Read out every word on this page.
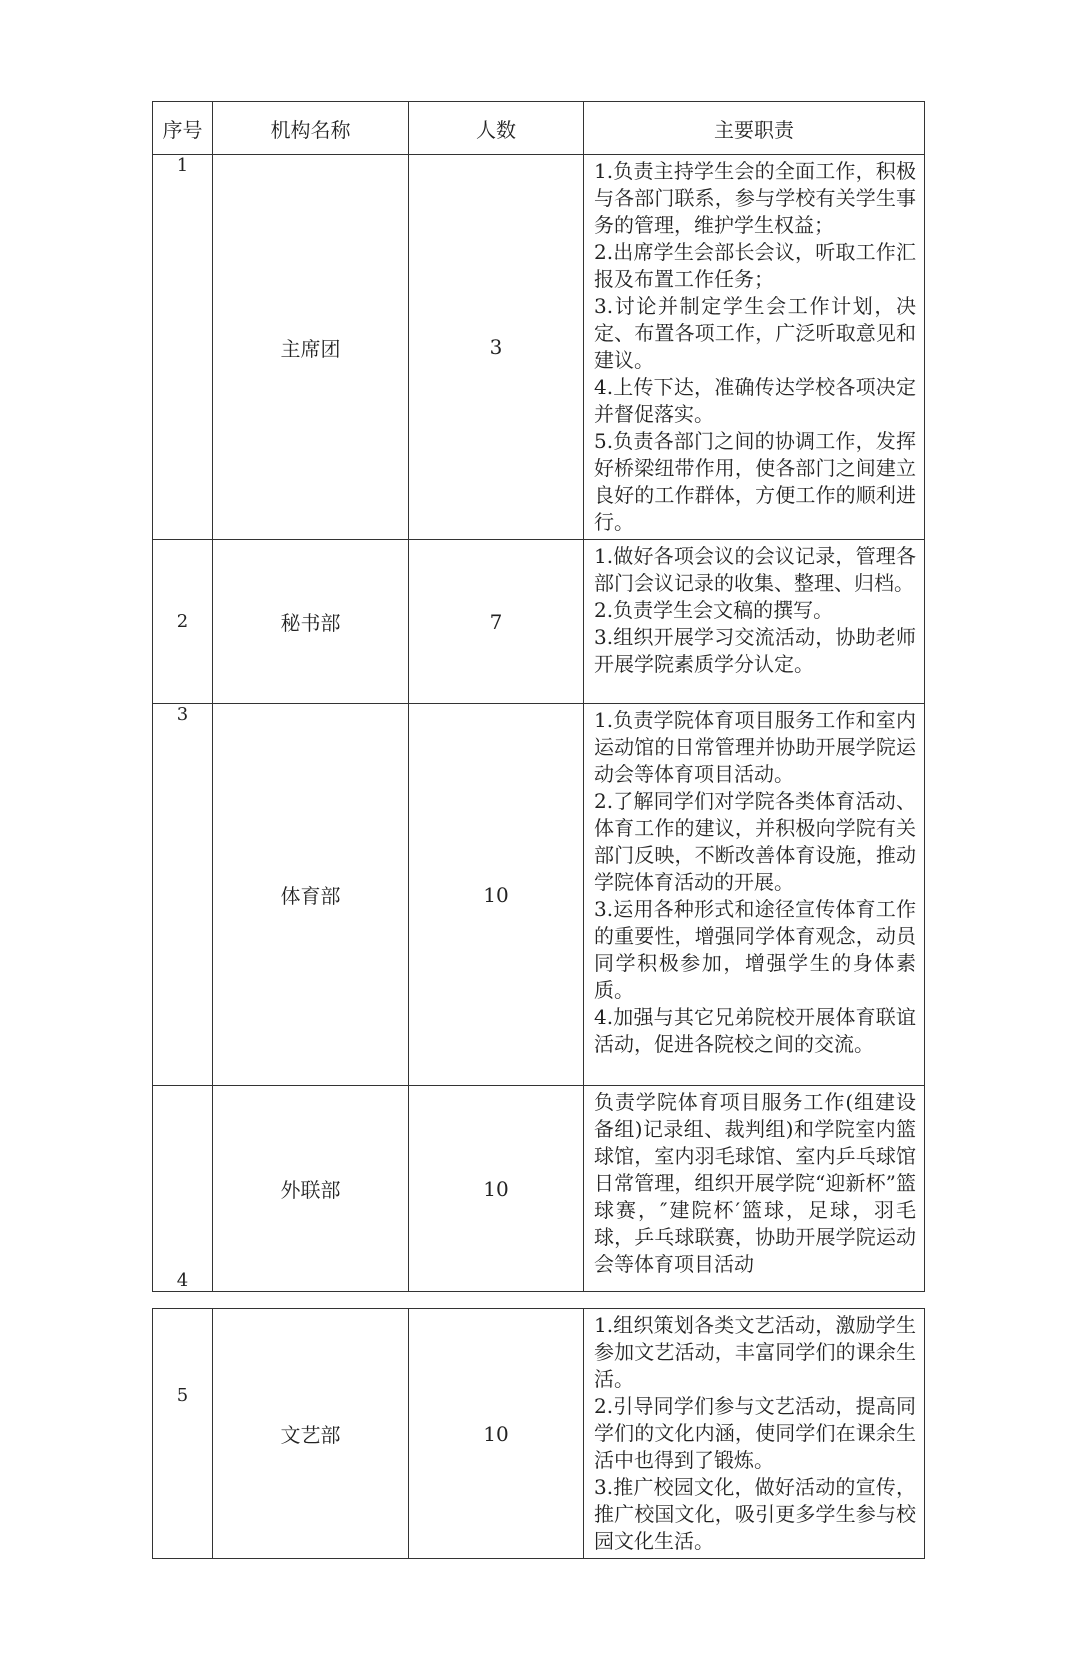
序号	机构名称	人数	主要职责
1	主席团	3	1.负责主持学生会的全面工作，积极与各部门联系，参与学校有关学生事务的管理，维护学生权益；

2.出席学生会部长会议，听取工作汇报及布置工作任务；

3.讨论并制定学生会工作计划，决定、布置各项工作，广泛听取意见和建议。

4.上传下达，准确传达学校各项决定并督促落实。

5.负责各部门之间的协调工作，发挥好桥梁纽带作用，使各部门之间建立良好的工作群体，方便工作的顺利进行。

2	秘书部	7	1.做好各项会议的会议记录，管理各部门会议记录的收集、整理、归档。

2.负责学生会文稿的撰写。

3.组织开展学习交流活动，协助老师开展学院素质学分认定。

3	体育部	10	1.负责学院体育项目服务工作和室内运动馆的日常管理并协助开展学院运动会等体育项目活动。

2.了解同学们对学院各类体育活动、体育工作的建议，并积极向学院有关部门反映，不断改善体育设施，推动学院体育活动的开展。

3.运用各种形式和途径宣传体育工作的重要性，增强同学体育观念，动员同学积极参加，增强学生的身体素质。

4.加强与其它兄弟院校开展体育联谊活动，促进各院校之间的交流。

4	外联部	10	负责学院体育项目服务工作(组建设备组)记录组、裁判组)和学院室内篮球馆，室内羽毛球馆、室内乒乓球馆日常管理，组织开展学院“迎新杯”篮球赛，″建院杯′篮球，足球，羽毛球，乒乓球联赛，协助开展学院运动会等体育项目活动

5	文艺部	10	

1.组织策划各类文艺活动，激励学生参加文艺活动，丰富同学们的课余生活。

2.引导同学们参与文艺活动，提高同学们的文化内涵，使同学们在课余生活中也得到了锻炼。

3.推广校园文化，做好活动的宣传，推广校国文化，吸引更多学生参与校园文化生活。
